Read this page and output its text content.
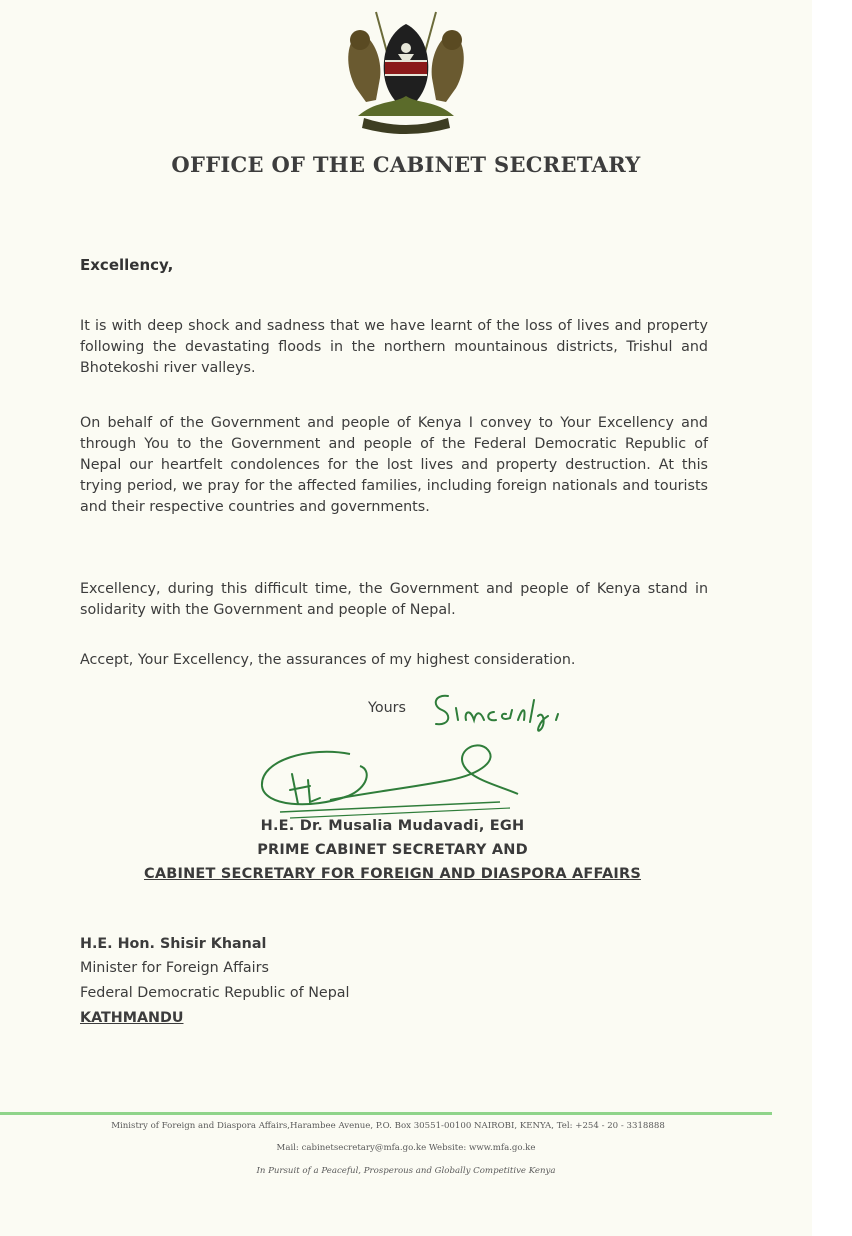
OFFICE OF THE CABINET SECRETARY
Excellency,
It is with deep shock and sadness that we have learnt of the loss of lives and property following the devastating floods in the northern mountainous districts, Trishul and Bhotekoshi river valleys.
On behalf of the Government and people of Kenya I convey to Your Excellency and through You to the Government and people of the Federal Democratic Republic of Nepal our heartfelt condolences for the lost lives and property destruction. At this trying period, we pray for the affected families, including foreign nationals and tourists and their respective countries and governments.
Excellency, during this difficult time, the Government and people of Kenya stand in solidarity with the Government and people of Nepal.
Accept, Your Excellency, the assurances of my highest consideration.
Yours
H.E. Dr. Musalia Mudavadi, EGH
PRIME CABINET SECRETARY AND
CABINET SECRETARY FOR FOREIGN AND DIASPORA AFFAIRS
H.E. Hon. Shisir Khanal
Minister for Foreign Affairs
Federal Democratic Republic of Nepal
KATHMANDU
Ministry of Foreign and Diaspora Affairs,Harambee Avenue, P.O. Box 30551-00100 NAIROBI, KENYA, Tel: +254 - 20 - 3318888
Mail: cabinetsecretary@mfa.go.ke Website: www.mfa.go.ke
In Pursuit of a Peaceful, Prosperous and Globally Competitive Kenya
